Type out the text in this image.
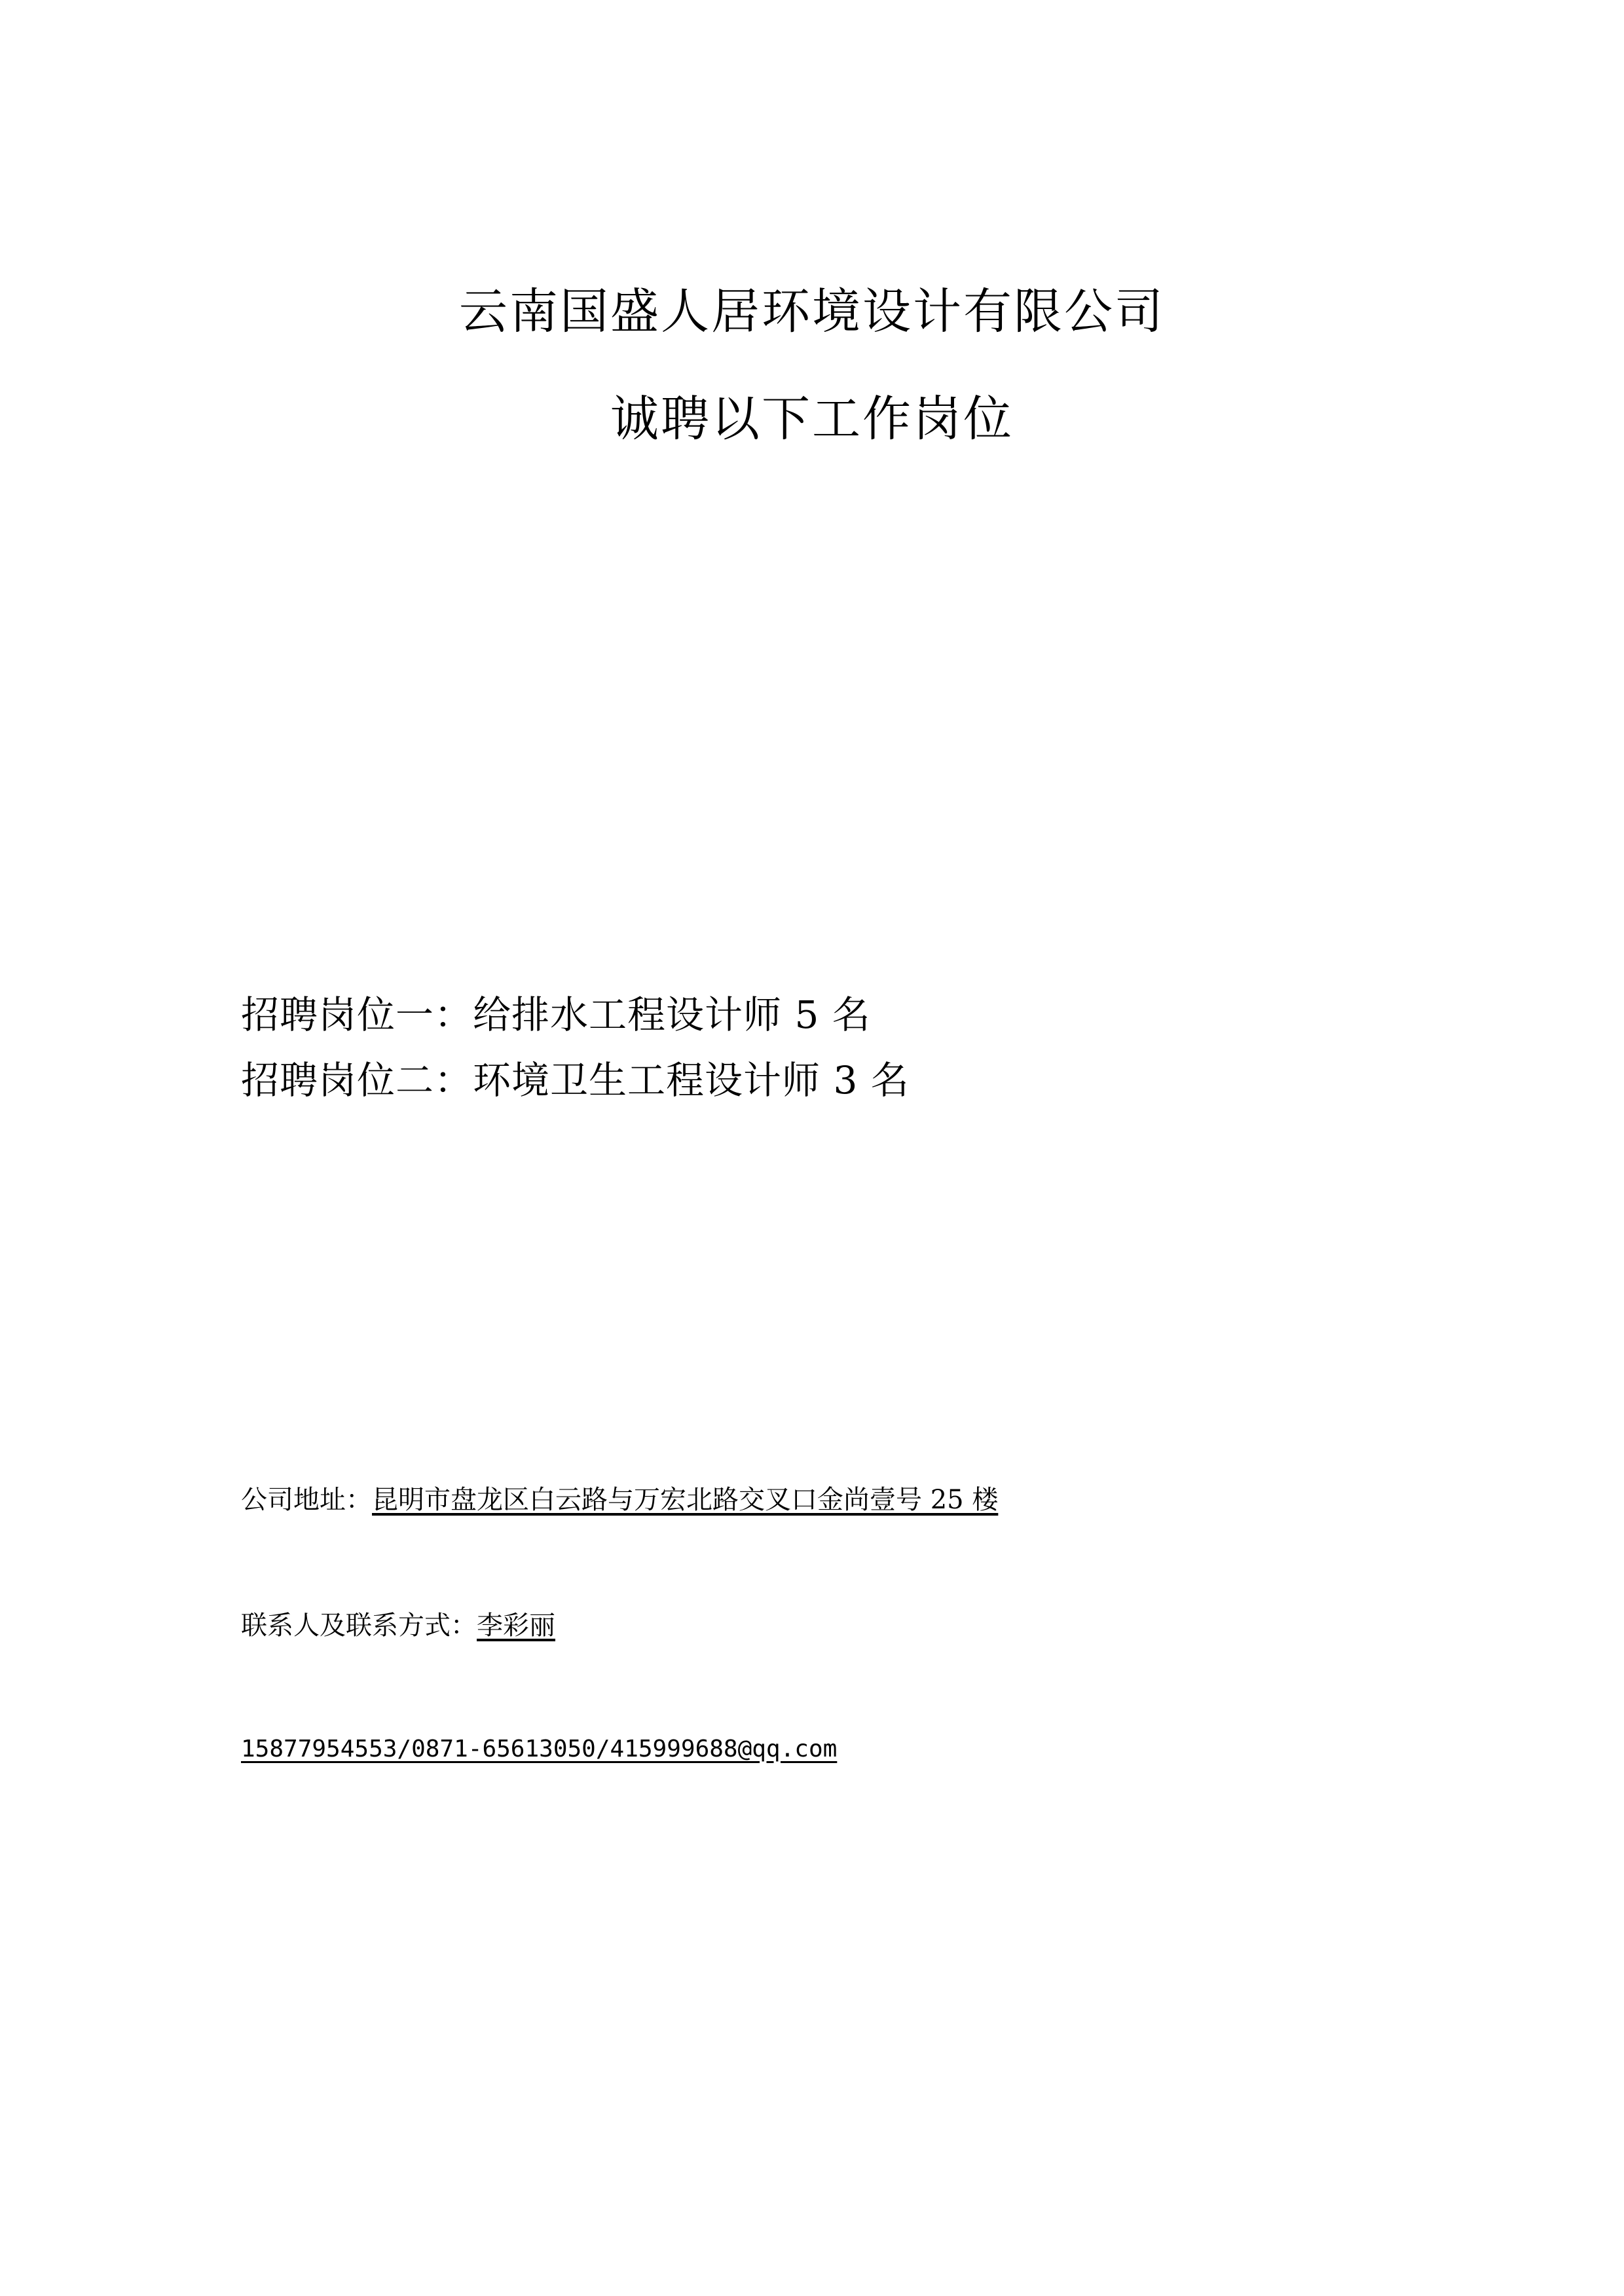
云南国盛人居环境设计有限公司
诚聘以下工作岗位
招聘岗位一：给排水工程设计师 5 名
招聘岗位二：环境卫生工程设计师 3 名
公司地址：昆明市盘龙区白云路与万宏北路交叉口金尚壹号 25 楼
联系人及联系方式：李彩丽
15877954553/0871-65613050/415999688@qq.com
